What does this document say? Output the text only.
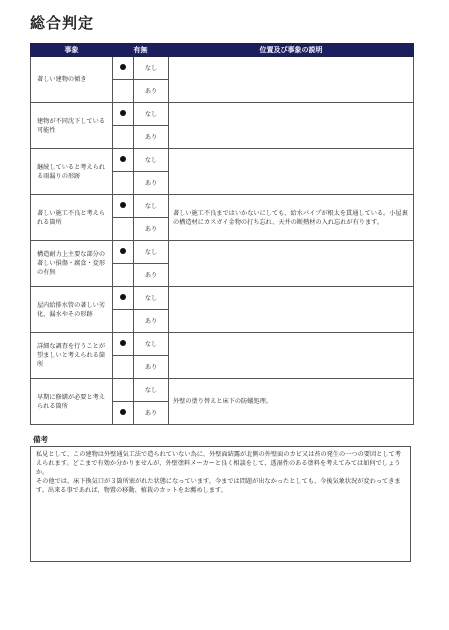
総合判定
事象	有無		位置及び事象の説明
著しい建物の傾き		なし	
		あり	
建物が不同沈下している可能性		なし	
		あり	
継続していると考えられる雨漏りの形跡		なし	
		あり	
著しい施工不良と考えられる箇所		なし	著しい施工不良まではいかないにしても、給水パイプが根太を貫通している。小屋裏の構造材にカスガイ金物の打ち忘れ、天井の断熱材の入れ忘れが有ります。
		あり	
構造耐力上主要な部分の著しい損傷・腐食・変形の有無		なし	
		あり	
屋内給排水管の著しい劣化、漏水やその形跡		なし	
		あり	
詳細な調査を行うことが望ましいと考えられる箇所		なし	
		あり	
早期に修繕が必要と考えられる箇所		なし	外壁の塗り替えと床下の防蟻処理。
		あり	
備考
私見として、この建物は外壁通気工法で造られていない為に、外壁面結露が北側の外壁面のカビ又は苔の発生の一つの要因として考えられます。どこまで有効か分かりませんが、外壁塗料メーカーと良く相談をして、透湿性のある塗料を考えてみては如何でしょうか。
その他では、床下換気口が３箇所塞がれた状態になっています。今までは問題が出なかったとしても、今後気象状況が変わってきます。出来る事であれば、物置の移動、植栽のカットをお薦めします。
